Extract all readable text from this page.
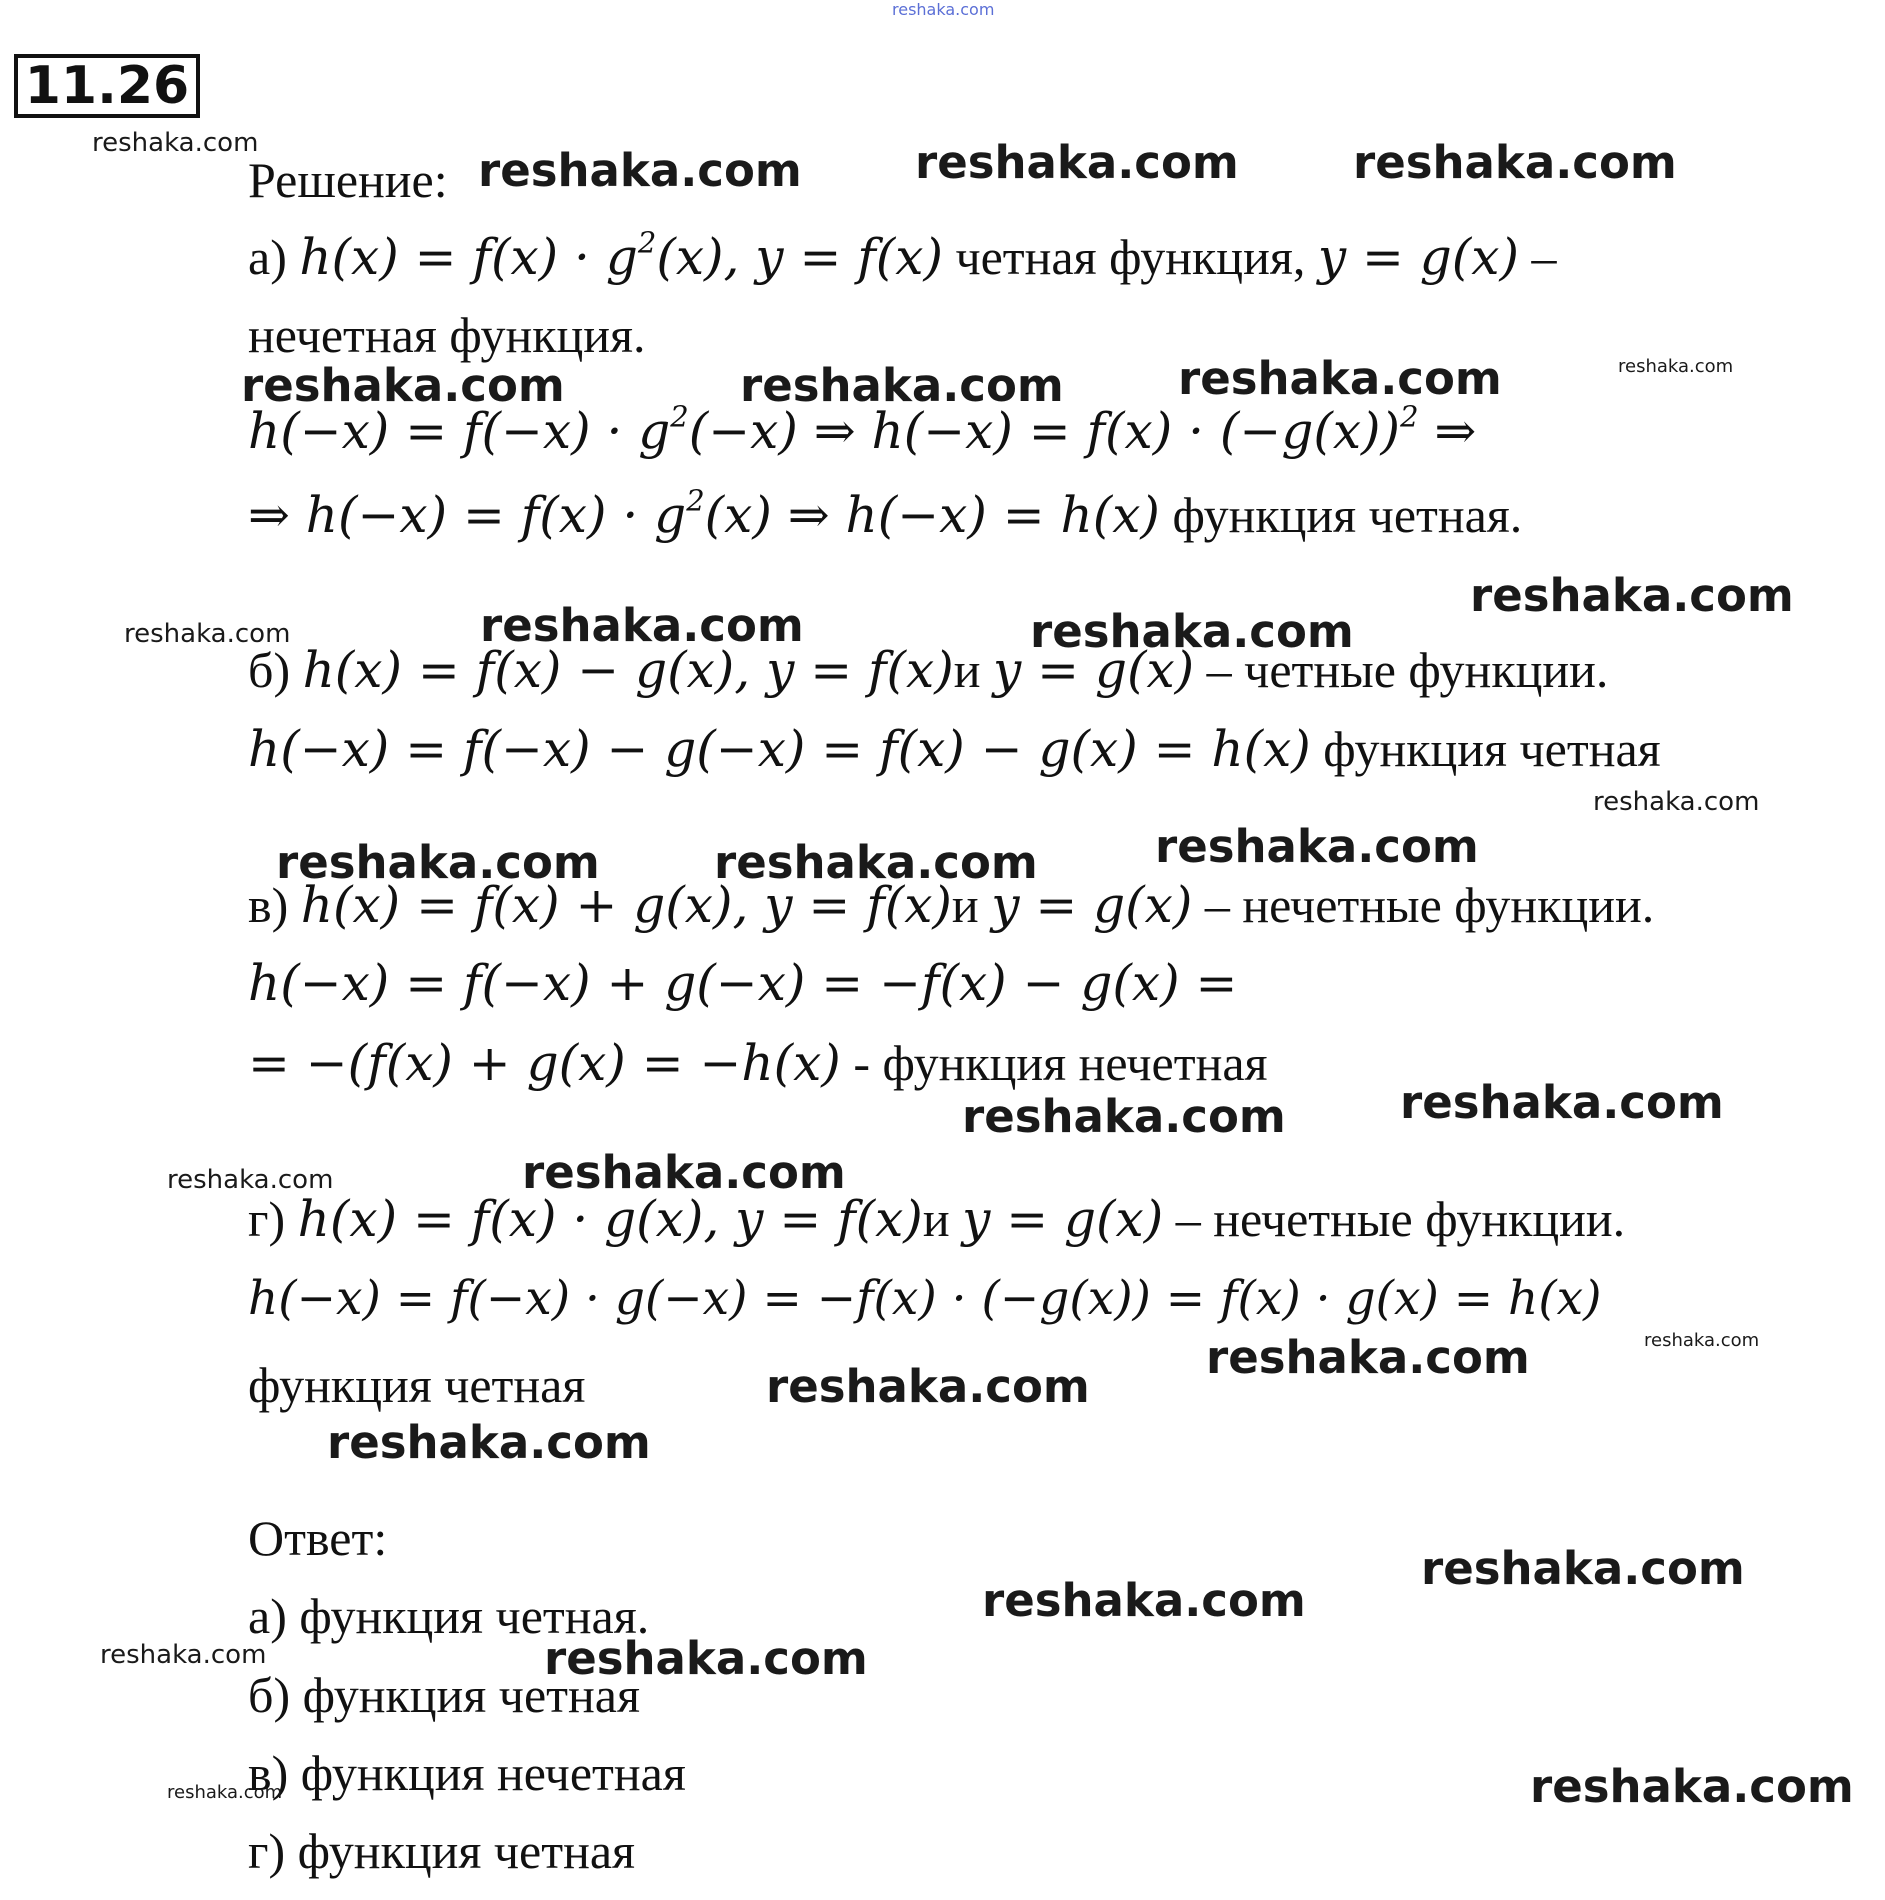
reshaka.com
11.26
Решение:
а) $h(x) = f(x) \cdot g^2(x)$, y = f(x) четная функция, y = g(x) –
нечетная функция.
$h(-x) = f(-x) \cdot g^2(-x)$ ⇒ $h(-x) = f(x) \cdot (-g(x))^2$ ⇒
⇒ $h(-x) = f(x) \cdot g^2(x)$ ⇒ h(−x) = h(x) функция четная.
б) h(x) = f(x) − g(x), y = f(x)и y = g(x) – четные функции.
h(−x) = f(−x) − g(−x) = f(x) − g(x) = h(x) функция четная
в) h(x) = f(x) + g(x), y = f(x)и y = g(x) – нечетные функции.
h(−x) = f(−x) + g(−x) = −f(x) − g(x) =
= −(f(x) + g(x) = −h(x) - функция нечетная
г) h(x) = f(x) · g(x), y = f(x)и y = g(x) – нечетные функции.
h(−x) = f(−x) · g(−x) = −f(x) · (−g(x)) = f(x) · g(x) = h(x)
функция четная
Ответ:
а) функция четная.
б) функция четная
в) функция нечетная
г) функция четная
reshaka.com
reshaka.com	reshaka.com	reshaka.com
reshaka.com	reshaka.com	reshaka.com	reshaka.com
reshaka.com
reshaka.com	reshaka.com	reshaka.com
reshaka.com
reshaka.com	reshaka.com	reshaka.com
reshaka.com	reshaka.com
reshaka.com	reshaka.com
reshaka.com
reshaka.com
reshaka.com
reshaka.com
reshaka.com
reshaka.com
reshaka.com	reshaka.com
reshaka.com	reshaka.com
